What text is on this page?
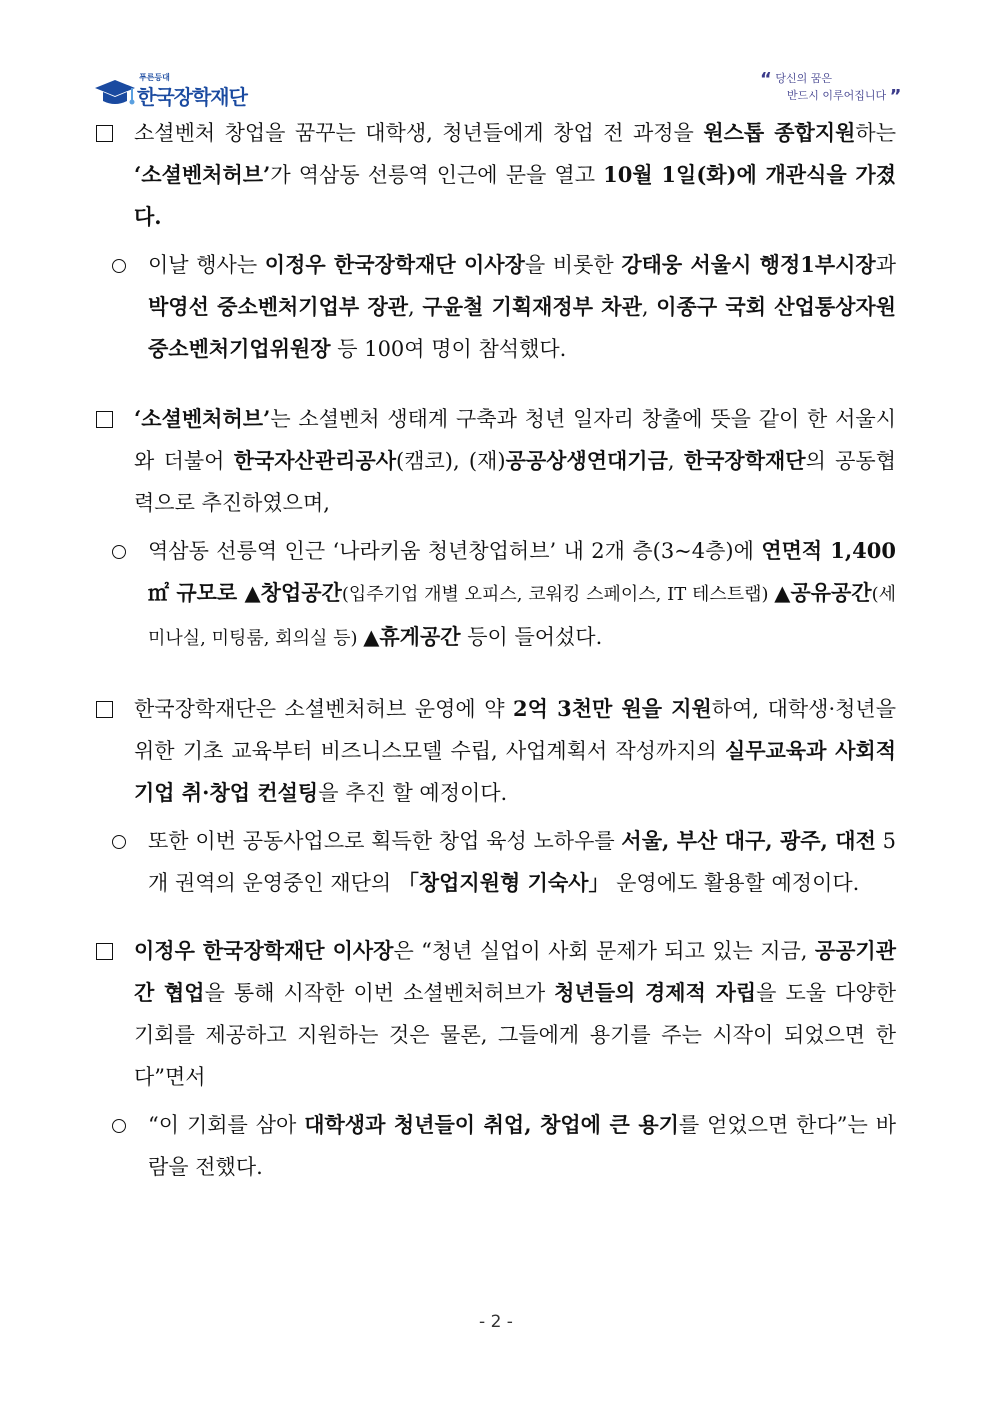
푸른등대
한국장학재단
“ 당신의 꿈은
반드시 이루어집니다 ”
소셜벤처 창업을 꿈꾸는 대학생, 청년들에게 창업 전 과정을 원스톱 종합지원하는 ‘소셜벤처허브’가 역삼동 선릉역 인근에 문을 열고 10월 1일(화)에 개관식을 가졌다.
이날 행사는 이정우 한국장학재단 이사장을 비롯한 강태웅 서울시 행정1부시장과 박영선 중소벤처기업부 장관, 구윤철 기획재정부 차관, 이종구 국회 산업통상자원중소벤처기업위원장 등 100여 명이 참석했다.
‘소셜벤처허브’는 소셜벤처 생태계 구축과 청년 일자리 창출에 뜻을 같이 한 서울시와 더불어 한국자산관리공사(캠코), (재)공공상생연대기금, 한국장학재단의 공동협력으로 추진하였으며,
역삼동 선릉역 인근 ‘나라키움 청년창업허브’ 내 2개 층(3~4층)에 연면적 1,400㎡ 규모로 ▲창업공간(입주기업 개별 오피스, 코워킹 스페이스, IT 테스트랩) ▲공유공간(세미나실, 미팅룸, 회의실 등) ▲휴게공간 등이 들어섰다.
한국장학재단은 소셜벤처허브 운영에 약 2억 3천만 원을 지원하여, 대학생·청년을 위한 기초 교육부터 비즈니스모델 수립, 사업계획서 작성까지의 실무교육과 사회적기업 취·창업 컨설팅을 추진 할 예정이다.
또한 이번 공동사업으로 획득한 창업 육성 노하우를 서울, 부산 대구, 광주, 대전 5개 권역의 운영중인 재단의 「창업지원형 기숙사」 운영에도 활용할 예정이다.
이정우 한국장학재단 이사장은 “청년 실업이 사회 문제가 되고 있는 지금, 공공기관 간 협업을 통해 시작한 이번 소셜벤처허브가 청년들의 경제적 자립을 도울 다양한 기회를 제공하고 지원하는 것은 물론, 그들에게 용기를 주는 시작이 되었으면 한다”면서
“이 기회를 삼아 대학생과 청년들이 취업, 창업에 큰 용기를 얻었으면 한다”는 바람을 전했다.
- 2 -
